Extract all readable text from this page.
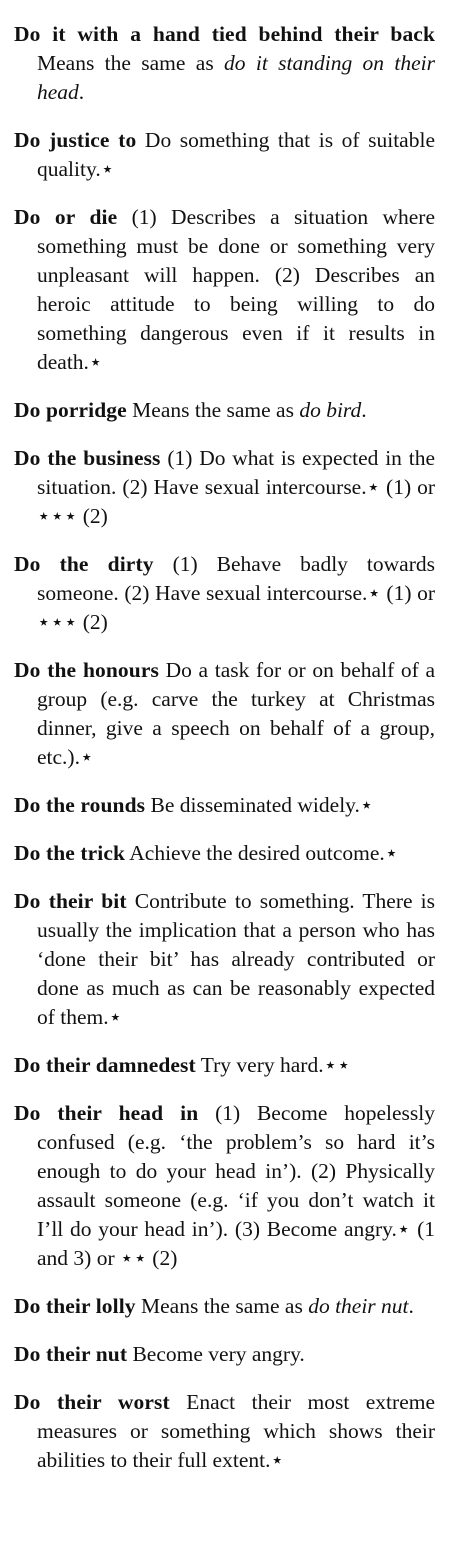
Do it with a hand tied behind their back Means the same as do it standing on their head.

Do justice to Do something that is of suitable quality.⋆

Do or die (1) Describes a situation where something must be done or something very unpleasant will happen. (2) Describes an heroic attitude to being willing to do something dangerous even if it results in death.⋆

Do porridge Means the same as do bird.

Do the business (1) Do what is expected in the situation. (2) Have sexual intercourse.⋆ (1) or ⋆⋆⋆ (2)

Do the dirty (1) Behave badly towards someone. (2) Have sexual intercourse.⋆ (1) or ⋆⋆⋆ (2)

Do the honours Do a task for or on behalf of a group (e.g. carve the turkey at Christmas dinner, give a speech on behalf of a group, etc.).⋆

Do the rounds Be disseminated widely.⋆

Do the trick Achieve the desired outcome.⋆

Do their bit Contribute to something. There is usually the implication that a person who has ‘done their bit’ has already contributed or done as much as can be reasonably expected of them.⋆

Do their damnedest Try very hard.⋆⋆

Do their head in (1) Become hopelessly confused (e.g. ‘the problem’s so hard it’s enough to do your head in’). (2) Physically assault someone (e.g. ‘if you don’t watch it I’ll do your head in’). (3) Become angry.⋆ (1 and 3) or ⋆⋆ (2)

Do their lolly Means the same as do their nut.

Do their nut Become very angry.

Do their worst Enact their most extreme measures or something which shows their abilities to their full extent.⋆
